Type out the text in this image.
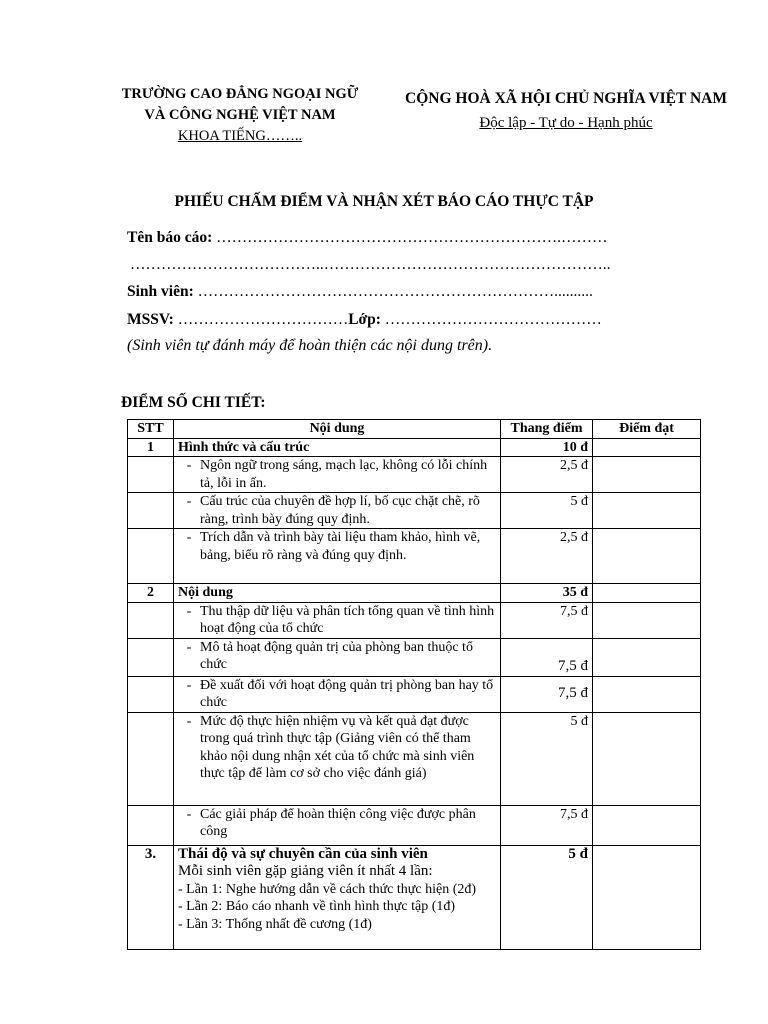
TRƯỜNG CAO ĐẲNG NGOẠI NGỮ
VÀ CÔNG NGHỆ VIỆT NAM
KHOA TIẾNG……..
CỘNG HOÀ XÃ HỘI CHỦ NGHĨA VIỆT NAM
Độc lập - Tự do - Hạnh phúc
PHIẾU CHẤM ĐIỂM VÀ NHẬN XÉT BÁO CÁO THỰC TẬP
Tên báo cáo: ………………………………………………………….………
………………………………..………………………………………………..
Sinh viên: ……………………………………………………………..........
MSSV: ……………………………Lớp: ……………………………………
(Sinh viên tự đánh máy để hoàn thiện các nội dung trên).
ĐIỂM SỐ CHI TIẾT:
STT	Nội dung	Thang điểm	Điểm đạt
1	Hình thức và cấu trúc	10 đ	

	- Ngôn ngữ trong sáng, mạch lạc, không có lỗi chính tả, lỗi in ấn.	2,5 đ	

	- Cấu trúc của chuyên đề hợp lí, bố cục chặt chẽ, rõ ràng, trình bày đúng quy định.	5 đ	

	- Trích dẫn và trình bày tài liệu tham khảo, hình vẽ, bảng, biểu rõ ràng và đúng quy định.	2,5 đ	
2	Nội dung	35 đ	

	- Thu thập dữ liệu và phân tích tổng quan về tình hình hoạt động của tổ chức	7,5 đ	

	- Mô tả hoạt động quản trị của phòng ban thuộc tổ chức	7,5 đ	

	- Đề xuất đối với hoạt động quản trị phòng ban hay tổ chức	7,5 đ	

	- Mức độ thực hiện nhiệm vụ và kết quả đạt được trong quá trình thực tập (Giảng viên có thể tham khảo nội dung nhận xét của tổ chức mà sinh viên thực tập để làm cơ sở cho việc đánh giá)	5 đ	

	- Các giải pháp để hoàn thiện công việc được phân công	7,5 đ	
3.	Thái độ và sự chuyên cần của sinh viên
Mỗi sinh viên gặp giảng viên ít nhất 4 lần:
- Lần 1: Nghe hướng dẫn về cách thức thực hiện (2đ)
- Lần 2: Báo cáo nhanh về tình hình thực tập (1đ)
- Lần 3: Thống nhất đề cương (1đ)	5 đ	
